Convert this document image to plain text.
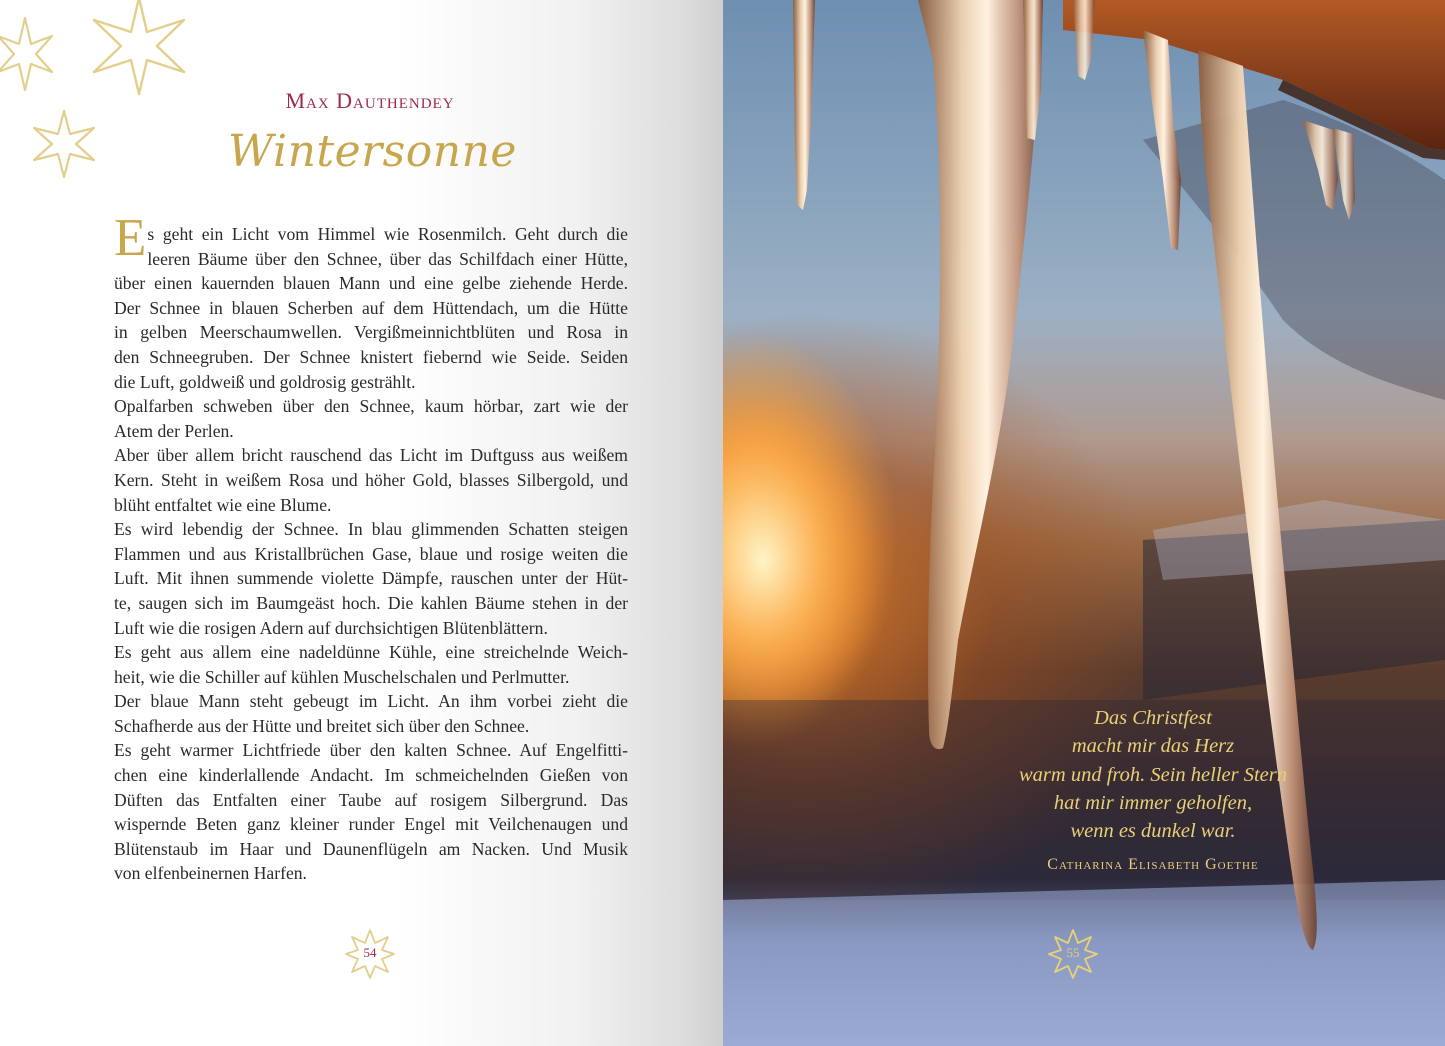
Max Dauthendey
Wintersonne
E s geht ein Licht vom Himmel wie Rosenmilch. Geht durch die
leeren Bäume über den Schnee, über das Schilfdach einer Hütte,
über einen kauernden blauen Mann und eine gelbe ziehende Herde.
Der Schnee in blauen Scherben auf dem Hüttendach, um die Hütte
in gelben Meerschaumwellen. Vergißmeinnichtblüten und Rosa in
den Schneegruben. Der Schnee knistert fiebernd wie Seide. Seiden
die Luft, goldweiß und goldrosig gestrählt.
Opalfarben schweben über den Schnee, kaum hörbar, zart wie der
Atem der Perlen.
Aber über allem bricht rauschend das Licht im Duftguss aus weißem
Kern. Steht in weißem Rosa und höher Gold, blasses Silbergold, und
blüht entfaltet wie eine Blume.
Es wird lebendig der Schnee. In blau glimmenden Schatten steigen
Flammen und aus Kristallbrüchen Gase, blaue und rosige weiten die
Luft. Mit ihnen summende violette Dämpfe, rauschen unter der Hüt-
te, saugen sich im Baumgeäst hoch. Die kahlen Bäume stehen in der
Luft wie die rosigen Adern auf durchsichtigen Blütenblättern.
Es geht aus allem eine nadeldünne Kühle, eine streichelnde Weich-
heit, wie die Schiller auf kühlen Muschelschalen und Perlmutter.
Der blaue Mann steht gebeugt im Licht. An ihm vorbei zieht die
Schafherde aus der Hütte und breitet sich über den Schnee.
Es geht warmer Lichtfriede über den kalten Schnee. Auf Engelfitti-
chen eine kinderlallende Andacht. Im schmeichelnden Gießen von
Düften das Entfalten einer Taube auf rosigem Silbergrund. Das
wispernde Beten ganz kleiner runder Engel mit Veilchenaugen und
Blütenstaub im Haar und Daunenflügeln am Nacken. Und Musik
von elfenbeinernen Harfen.
54
Das Christfest
macht mir das Herz
warm und froh. Sein heller Stern
hat mir immer geholfen,
wenn es dunkel war.
Catharina Elisabeth Goethe
55
